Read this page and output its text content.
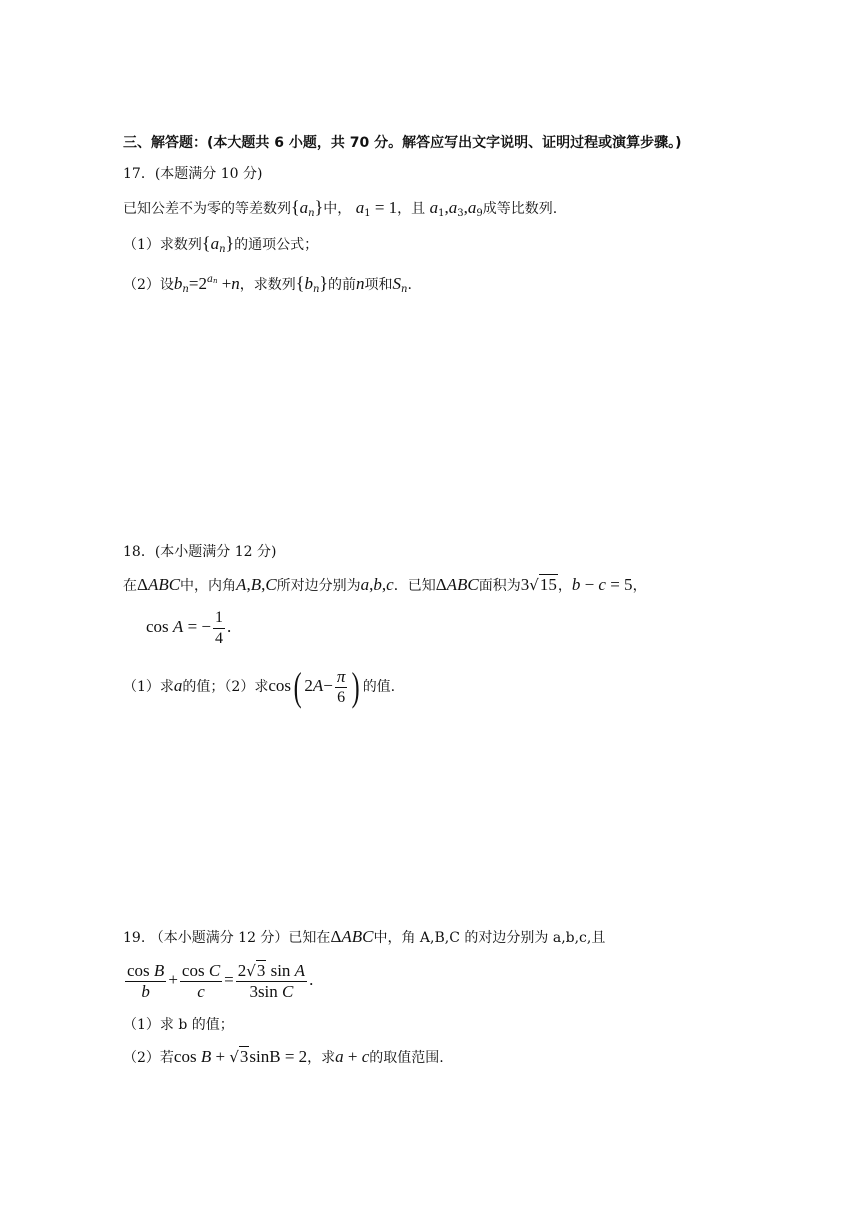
三、解答题：(本大题共 6 小题，共 70 分。解答应写出文字说明、证明过程或演算步骤。)
17．(本题满分 10 分)
已知公差不为零的等差数列$\{a_n\}$中， $a_1 = 1$，且 $a_1,a_3,a_9$成等比数列.
（1）求数列$\{a_n\}$的通项公式；
（2）设$b_n=2^{a_n} +n$，求数列$\{b_n\}$的前n项和$S_n$.
18．(本小题满分 12 分)
在ΔABC中，内角A,B,C所对边分别为a,b,c．已知ΔABC面积为3√15，b − c = 5，
cos A = − $\frac{1}{4}$ .
（1）求a的值；（2）求cos( $2A- \frac{\pi}{6}$ ) 的值.
19. （本小题满分 12 分）已知在ΔABC中，角 A,B,C 的对边分别为 a,b,c,且
$\frac{\text{cos B}}{b} + \frac{\text{cos C}}{c} = \frac{\text{2√3 sin A}}{\text{3sin C}}$ .
（1）求 b 的值；
（2）若cos B + √3sinB = 2，求a + c的取值范围.
